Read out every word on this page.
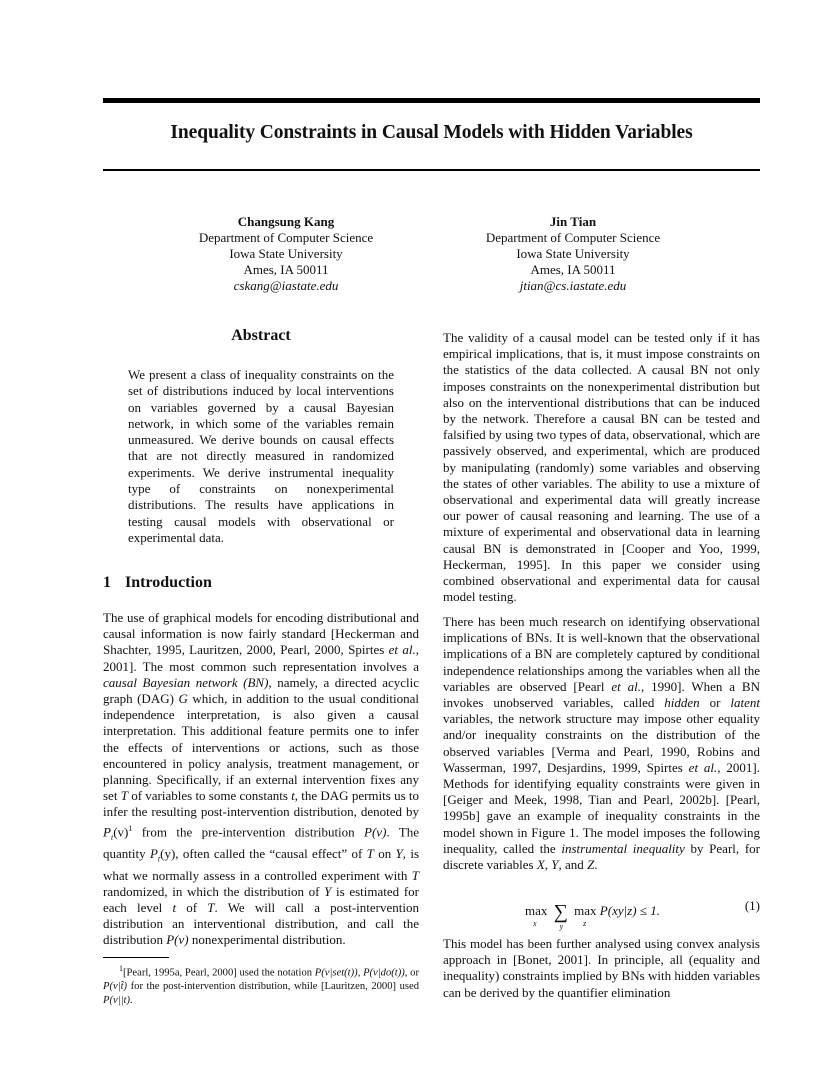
Inequality Constraints in Causal Models with Hidden Variables
Changsung Kang
Department of Computer Science
Iowa State University
Ames, IA 50011
cskang@iastate.edu
Jin Tian
Department of Computer Science
Iowa State University
Ames, IA 50011
jtian@cs.iastate.edu
Abstract
We present a class of inequality constraints on the set of distributions induced by local interventions on variables governed by a causal Bayesian network, in which some of the variables remain unmeasured. We derive bounds on causal effects that are not directly measured in randomized experiments. We derive instrumental inequality type of constraints on nonexperimental distributions. The results have applications in testing causal models with observational or experimental data.
1 Introduction

The use of graphical models for encoding distributional and causal information is now fairly standard [Heckerman and Shachter, 1995, Lauritzen, 2000, Pearl, 2000, Spirtes et al., 2001]. The most common such representation involves a causal Bayesian network (BN), namely, a directed acyclic graph (DAG) G which, in addition to the usual conditional independence interpretation, is also given a causal interpretation. This additional feature permits one to infer the effects of interventions or actions, such as those encountered in policy analysis, treatment management, or planning. Specifically, if an external intervention fixes any set T of variables to some constants t, the DAG permits us to infer the resulting post-intervention distribution, denoted by $P_t(v)^1$ from the pre-intervention distribution P(v). The quantity $P_t(y)$, often called the “causal effect” of T on Y, is what we normally assess in a controlled experiment with T randomized, in which the distribution of Y is estimated for each level t of T. We will call a post-intervention distribution an interventional distribution, and call the distribution P(v) nonexperimental distribution.

$^1$[Pearl, 1995a, Pearl, 2000] used the notation P(v|set(t)), P(v|do(t)), or P(v|t̂) for the post-intervention distribution, while [Lauritzen, 2000] used P(v||t).

The validity of a causal model can be tested only if it has empirical implications, that is, it must impose constraints on the statistics of the data collected. A causal BN not only imposes constraints on the nonexperimental distribution but also on the interventional distributions that can be induced by the network. Therefore a causal BN can be tested and falsified by using two types of data, observational, which are passively observed, and experimental, which are produced by manipulating (randomly) some variables and observing the states of other variables. The ability to use a mixture of observational and experimental data will greatly increase our power of causal reasoning and learning. The use of a mixture of experimental and observational data in learning causal BN is demonstrated in [Cooper and Yoo, 1999, Heckerman, 1995]. In this paper we consider using combined observational and experimental data for causal model testing.

There has been much research on identifying observational implications of BNs. It is well-known that the observational implications of a BN are completely captured by conditional independence relationships among the variables when all the variables are observed [Pearl et al., 1990]. When a BN invokes unobserved variables, called hidden or latent variables, the network structure may impose other equality and/or inequality constraints on the distribution of the observed variables [Verma and Pearl, 1990, Robins and Wasserman, 1997, Desjardins, 1999, Spirtes et al., 2001]. Methods for identifying equality constraints were given in [Geiger and Meek, 1998, Tian and Pearl, 2002b]. [Pearl, 1995b] gave an example of inequality constraints in the model shown in Figure 1. The model imposes the following inequality, called the instrumental inequality by Pearl, for discrete variables X, Y, and Z.

max
x
∑
y
max
z
P(xy|z) ≤ 1.	(1)

This model has been further analysed using convex analysis approach in [Bonet, 2001]. In principle, all (equality and inequality) constraints implied by BNs with hidden variables can be derived by the quantifier elimination
